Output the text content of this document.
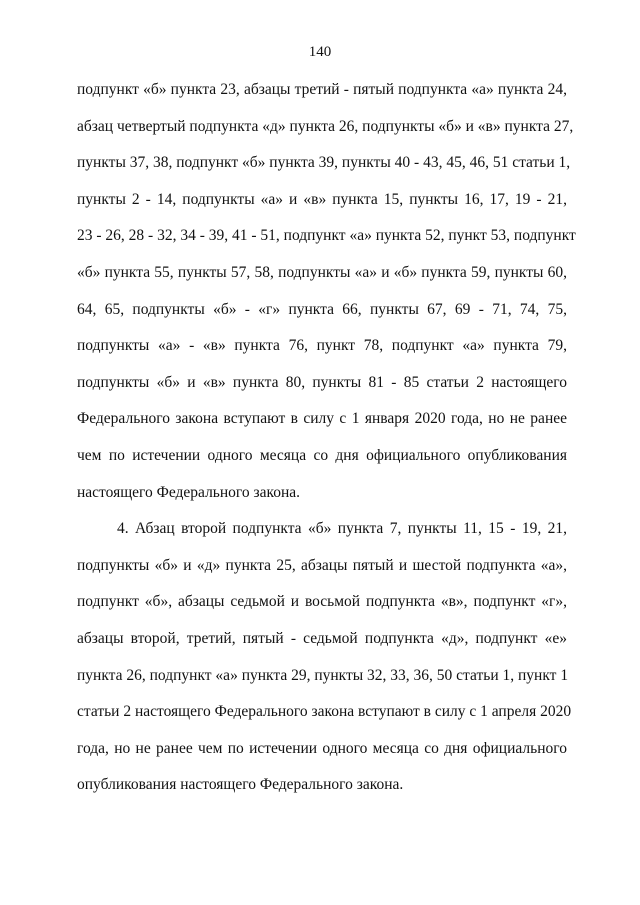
140
подпункт «б» пункта 23, абзацы третий - пятый подпункта «а» пункта 24,
абзац четвертый подпункта «д» пункта 26, подпункты «б» и «в» пункта 27,
пункты 37, 38, подпункт «б» пункта 39, пункты 40 - 43, 45, 46, 51 статьи 1,
пункты 2 - 14, подпункты «а» и «в» пункта 15, пункты 16, 17, 19 - 21,
23 - 26, 28 - 32, 34 - 39, 41 - 51, подпункт «а» пункта 52, пункт 53, подпункт
«б» пункта 55, пункты 57, 58, подпункты «а» и «б» пункта 59, пункты 60,
64, 65, подпункты «б» - «г» пункта 66, пункты 67, 69 - 71, 74, 75,
подпункты «а» - «в» пункта 76, пункт 78, подпункт «а» пункта 79,
подпункты «б» и «в» пункта 80, пункты 81 - 85 статьи 2 настоящего
Федерального закона вступают в силу с 1 января 2020 года, но не ранее
чем по истечении одного месяца со дня официального опубликования
настоящего Федерального закона.
4. Абзац второй подпункта «б» пункта 7, пункты 11, 15 - 19, 21,
подпункты «б» и «д» пункта 25, абзацы пятый и шестой подпункта «а»,
подпункт «б», абзацы седьмой и восьмой подпункта «в», подпункт «г»,
абзацы второй, третий, пятый - седьмой подпункта «д», подпункт «е»
пункта 26, подпункт «а» пункта 29, пункты 32, 33, 36, 50 статьи 1, пункт 1
статьи 2 настоящего Федерального закона вступают в силу с 1 апреля 2020
года, но не ранее чем по истечении одного месяца со дня официального
опубликования настоящего Федерального закона.
